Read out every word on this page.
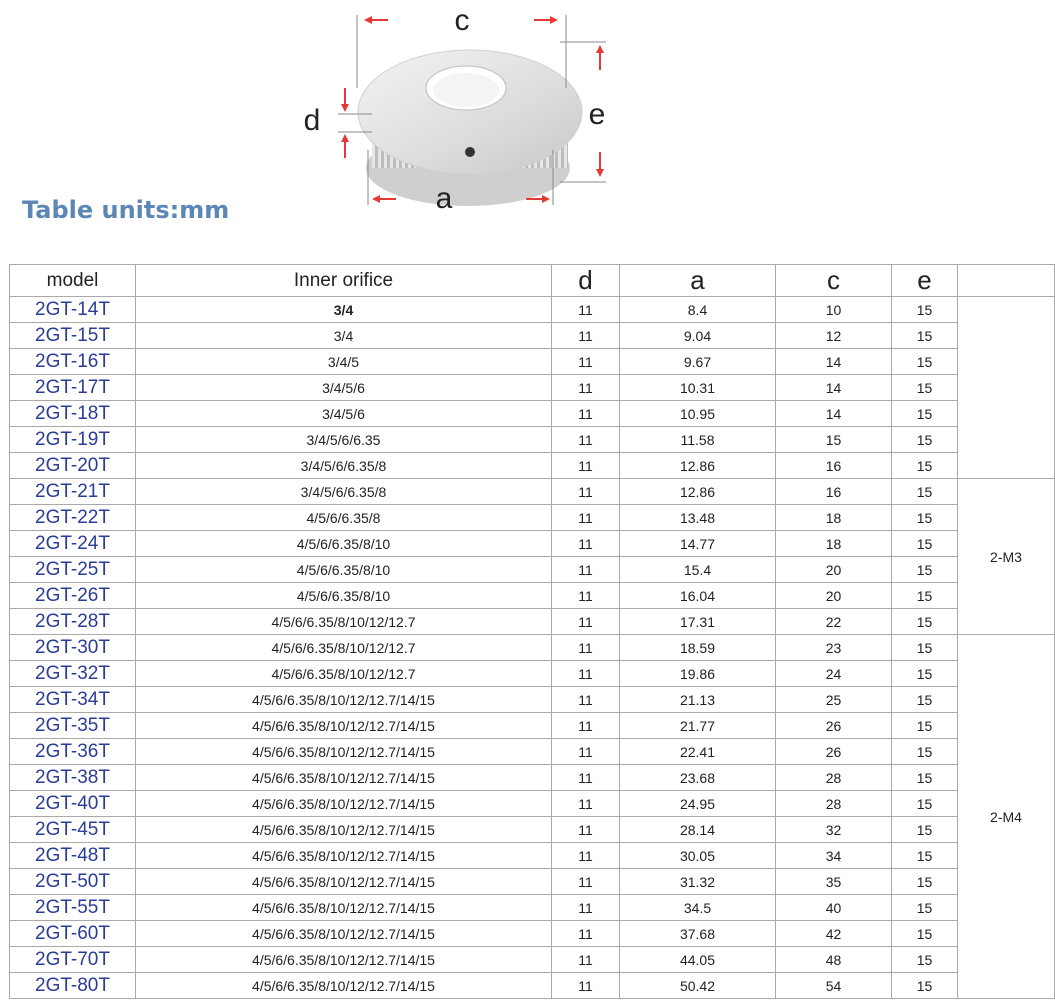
c
d	e
a
Table units:mm
model	Inner orifice	d	a	c	e	
2GT-14T	3/4	11	8.4	10	15	
2GT-15T	3/4	11	9.04	12	15	
2GT-16T	3/4/5	11	9.67	14	15	
2GT-17T	3/4/5/6	11	10.31	14	15	
2GT-18T	3/4/5/6	11	10.95	14	15	
2GT-19T	3/4/5/6/6.35	11	11.58	15	15	
2GT-20T	3/4/5/6/6.35/8	11	12.86	16	15	
2GT-21T	3/4/5/6/6.35/8	11	12.86	16	15	2-M3
2GT-22T	4/5/6/6.35/8	11	13.48	18	15	
2GT-24T	4/5/6/6.35/8/10	11	14.77	18	15	
2GT-25T	4/5/6/6.35/8/10	11	15.4	20	15	
2GT-26T	4/5/6/6.35/8/10	11	16.04	20	15	
2GT-28T	4/5/6/6.35/8/10/12/12.7	11	17.31	22	15	
2GT-30T	4/5/6/6.35/8/10/12/12.7	11	18.59	23	15	2-M4
2GT-32T	4/5/6/6.35/8/10/12/12.7	11	19.86	24	15	
2GT-34T	4/5/6/6.35/8/10/12/12.7/14/15	11	21.13	25	15	
2GT-35T	4/5/6/6.35/8/10/12/12.7/14/15	11	21.77	26	15	
2GT-36T	4/5/6/6.35/8/10/12/12.7/14/15	11	22.41	26	15	
2GT-38T	4/5/6/6.35/8/10/12/12.7/14/15	11	23.68	28	15	
2GT-40T	4/5/6/6.35/8/10/12/12.7/14/15	11	24.95	28	15	
2GT-45T	4/5/6/6.35/8/10/12/12.7/14/15	11	28.14	32	15	
2GT-48T	4/5/6/6.35/8/10/12/12.7/14/15	11	30.05	34	15	
2GT-50T	4/5/6/6.35/8/10/12/12.7/14/15	11	31.32	35	15	
2GT-55T	4/5/6/6.35/8/10/12/12.7/14/15	11	34.5	40	15	
2GT-60T	4/5/6/6.35/8/10/12/12.7/14/15	11	37.68	42	15	
2GT-70T	4/5/6/6.35/8/10/12/12.7/14/15	11	44.05	48	15	
2GT-80T	4/5/6/6.35/8/10/12/12.7/14/15	11	50.42	54	15	
